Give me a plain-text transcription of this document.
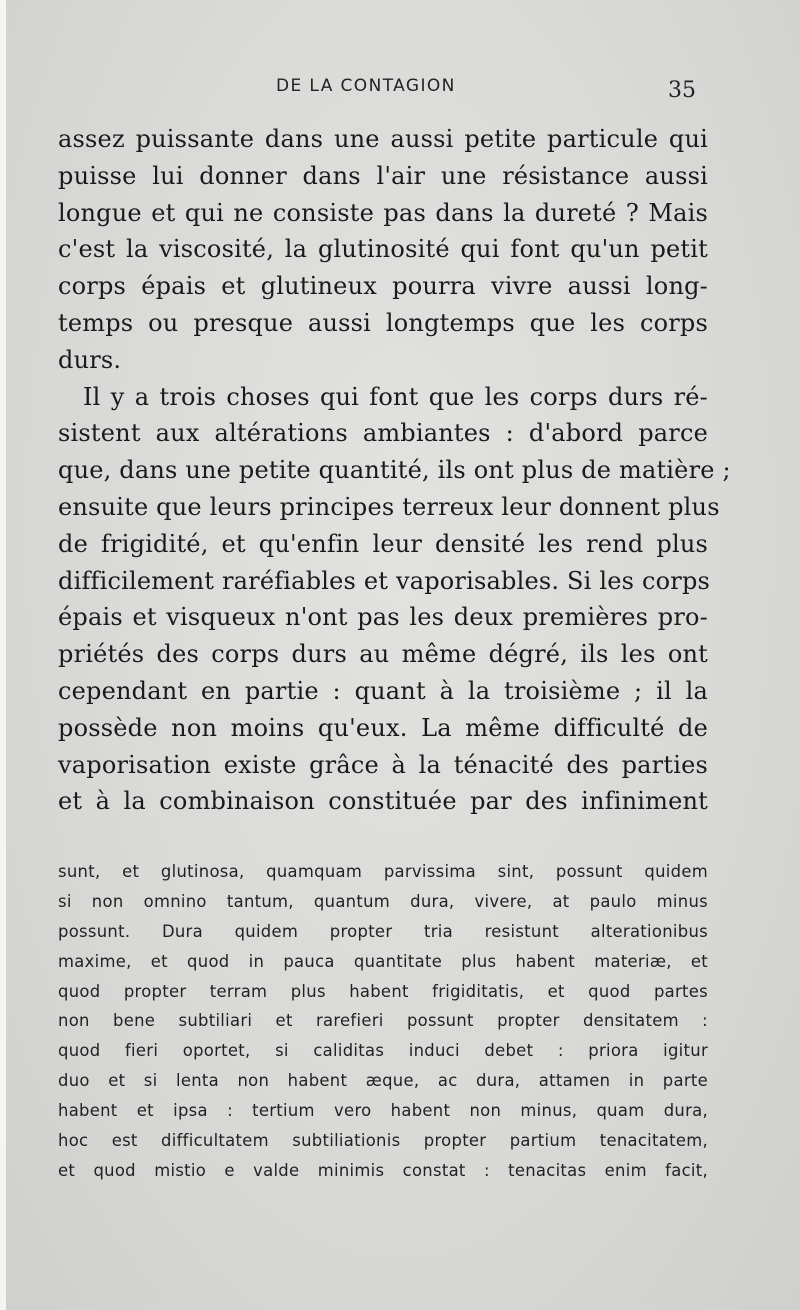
DE LA CONTAGION	35

assez puissante dans une aussi petite particule qui
puisse lui donner dans l'air une résistance aussi
longue et qui ne consiste pas dans la dureté ? Mais
c'est la viscosité, la glutinosité qui font qu'un petit
corps épais et glutineux pourra vivre aussi long-
temps ou presque aussi longtemps que les corps
durs.
Il y a trois choses qui font que les corps durs ré-
sistent aux altérations ambiantes : d'abord parce
que, dans une petite quantité, ils ont plus de matière ;
ensuite que leurs principes terreux leur donnent plus
de frigidité, et qu'enfin leur densité les rend plus
difficilement raréfiables et vaporisables. Si les corps
épais et visqueux n'ont pas les deux premières pro-
priétés des corps durs au même dégré, ils les ont
cependant en partie : quant à la troisième ; il la
possède non moins qu'eux. La même difficulté de
vaporisation existe grâce à la ténacité des parties
et à la combinaison constituée par des infiniment

sunt, et glutinosa, quamquam parvissima sint, possunt quidem
si non omnino tantum, quantum dura, vivere, at paulo minus
possunt. Dura quidem propter tria resistunt alterationibus
maxime, et quod in pauca quantitate plus habent materiæ, et
quod propter terram plus habent frigiditatis, et quod partes
non bene subtiliari et rarefieri possunt propter densitatem :
quod fieri oportet, si caliditas induci debet : priora igitur
duo et si lenta non habent æque, ac dura, attamen in parte
habent et ipsa : tertium vero habent non minus, quam dura,
hoc est difficultatem subtiliationis propter partium tenacitatem,
et quod mistio e valde minimis constat : tenacitas enim facit,
